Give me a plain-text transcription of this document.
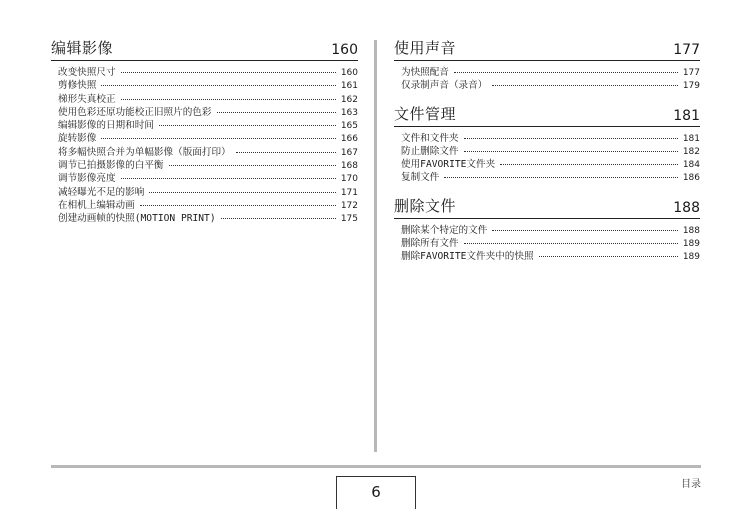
编辑影像	160
改变快照尺寸	160
剪修快照	161
梯形失真校正	162
使用色彩还原功能校正旧照片的色彩	163
编辑影像的日期和时间	165
旋转影像	166
将多幅快照合并为单幅影像（版面打印）	167
调节已拍摄影像的白平衡	168
调节影像亮度	170
减轻曝光不足的影响	171
在相机上编辑动画	172
创建动画帧的快照(MOTION PRINT)	175
使用声音	177
为快照配音	177
仅录制声音（录音）	179
文件管理	181
文件和文件夹	181
防止删除文件	182
使用FAVORITE文件夹	184
复制文件	186
删除文件	188
删除某个特定的文件	188
删除所有文件	189
删除FAVORITE文件夹中的快照	189
6	目录
